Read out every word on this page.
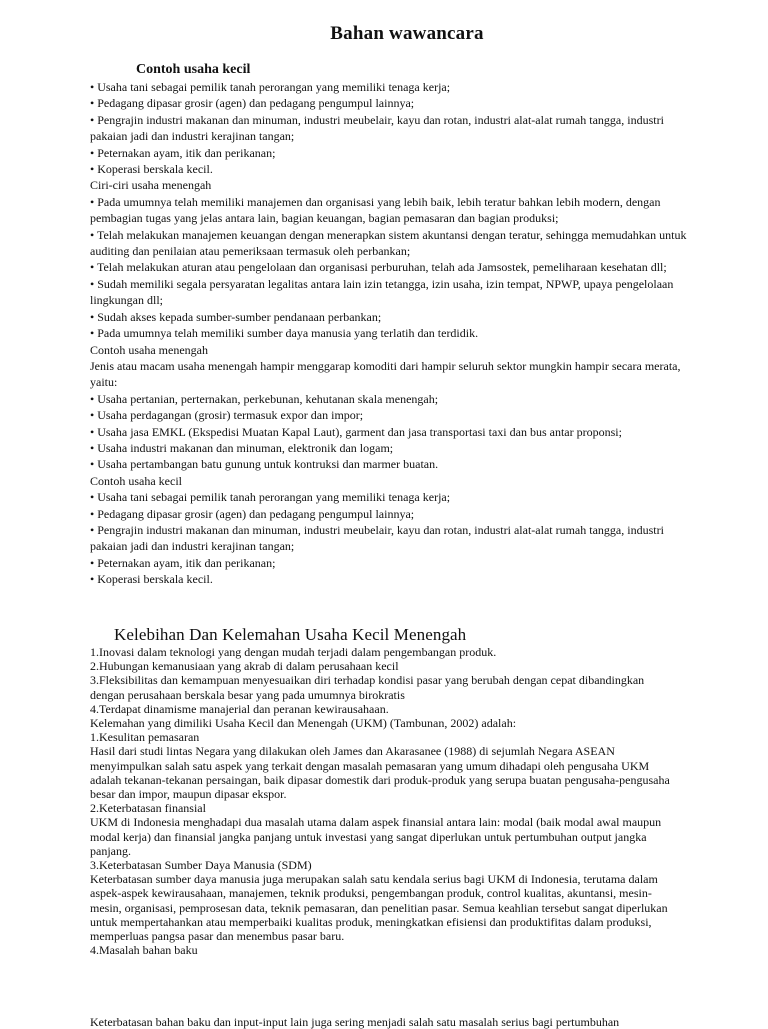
Bahan wawancara
Contoh usaha kecil

• Usaha tani sebagai pemilik tanah perorangan yang memiliki tenaga kerja;

• Pedagang dipasar grosir (agen) dan pedagang pengumpul lainnya;

• Pengrajin industri makanan dan minuman, industri meubelair, kayu dan rotan, industri alat-alat rumah tangga, industri pakaian jadi dan industri kerajinan tangan;

• Peternakan ayam, itik dan perikanan;

• Koperasi berskala kecil.

Ciri-ciri usaha menengah

• Pada umumnya telah memiliki manajemen dan organisasi yang lebih baik, lebih teratur bahkan lebih modern, dengan pembagian tugas yang jelas antara lain, bagian keuangan, bagian pemasaran dan bagian produksi;

• Telah melakukan manajemen keuangan dengan menerapkan sistem akuntansi dengan teratur, sehingga memudahkan untuk auditing dan penilaian atau pemeriksaan termasuk oleh perbankan;

• Telah melakukan aturan atau pengelolaan dan organisasi perburuhan, telah ada Jamsostek, pemeliharaan kesehatan dll;

• Sudah memiliki segala persyaratan legalitas antara lain izin tetangga, izin usaha, izin tempat, NPWP, upaya pengelolaan lingkungan dll;

• Sudah akses kepada sumber-sumber pendanaan perbankan;

• Pada umumnya telah memiliki sumber daya manusia yang terlatih dan terdidik.

Contoh usaha menengah

Jenis atau macam usaha menengah hampir menggarap komoditi dari hampir seluruh sektor mungkin hampir secara merata, yaitu:

• Usaha pertanian, perternakan, perkebunan, kehutanan skala menengah;

• Usaha perdagangan (grosir) termasuk expor dan impor;

• Usaha jasa EMKL (Ekspedisi Muatan Kapal Laut), garment dan jasa transportasi taxi dan bus antar proponsi;

• Usaha industri makanan dan minuman, elektronik dan logam;

• Usaha pertambangan batu gunung untuk kontruksi dan marmer buatan.

Contoh usaha kecil

• Usaha tani sebagai pemilik tanah perorangan yang memiliki tenaga kerja;

• Pedagang dipasar grosir (agen) dan pedagang pengumpul lainnya;

• Pengrajin industri makanan dan minuman, industri meubelair, kayu dan rotan, industri alat-alat rumah tangga, industri pakaian jadi dan industri kerajinan tangan;

• Peternakan ayam, itik dan perikanan;

• Koperasi berskala kecil.

Kelebihan Dan Kelemahan Usaha Kecil Menengah

1.Inovasi dalam teknologi yang dengan mudah terjadi dalam pengembangan produk.

2.Hubungan kemanusiaan yang akrab di dalam perusahaan kecil

3.Fleksibilitas dan kemampuan menyesuaikan diri terhadap kondisi pasar yang berubah dengan cepat dibandingkan dengan perusahaan berskala besar yang pada umumnya birokratis

4.Terdapat dinamisme manajerial dan peranan kewirausahaan.

Kelemahan yang dimiliki Usaha Kecil dan Menengah (UKM) (Tambunan, 2002) adalah:

1.Kesulitan pemasaran

Hasil dari studi lintas Negara yang dilakukan oleh James dan Akarasanee (1988) di sejumlah Negara ASEAN menyimpulkan salah satu aspek yang terkait dengan masalah pemasaran yang umum dihadapi oleh pengusaha UKM adalah tekanan-tekanan persaingan, baik dipasar domestik dari produk-produk yang serupa buatan pengusaha-pengusaha besar dan impor, maupun dipasar ekspor.

2.Keterbatasan finansial

UKM di Indonesia menghadapi dua masalah utama dalam aspek finansial antara lain: modal (baik modal awal maupun modal kerja) dan finansial jangka panjang untuk investasi yang sangat diperlukan untuk pertumbuhan output jangka panjang.

3.Keterbatasan Sumber Daya Manusia (SDM)

Keterbatasan sumber daya manusia juga merupakan salah satu kendala serius bagi UKM di Indonesia, terutama dalam aspek-aspek kewirausahaan, manajemen, teknik produksi, pengembangan produk, control kualitas, akuntansi, mesin-mesin, organisasi, pemprosesan data, teknik pemasaran, dan penelitian pasar. Semua keahlian tersebut sangat diperlukan untuk mempertahankan atau memperbaiki kualitas produk, meningkatkan efisiensi dan produktifitas dalam produksi, memperluas pangsa pasar dan menembus pasar baru.

4.Masalah bahan baku

Keterbatasan bahan baku dan input-input lain juga sering menjadi salah satu masalah serius bagi pertumbuhan
